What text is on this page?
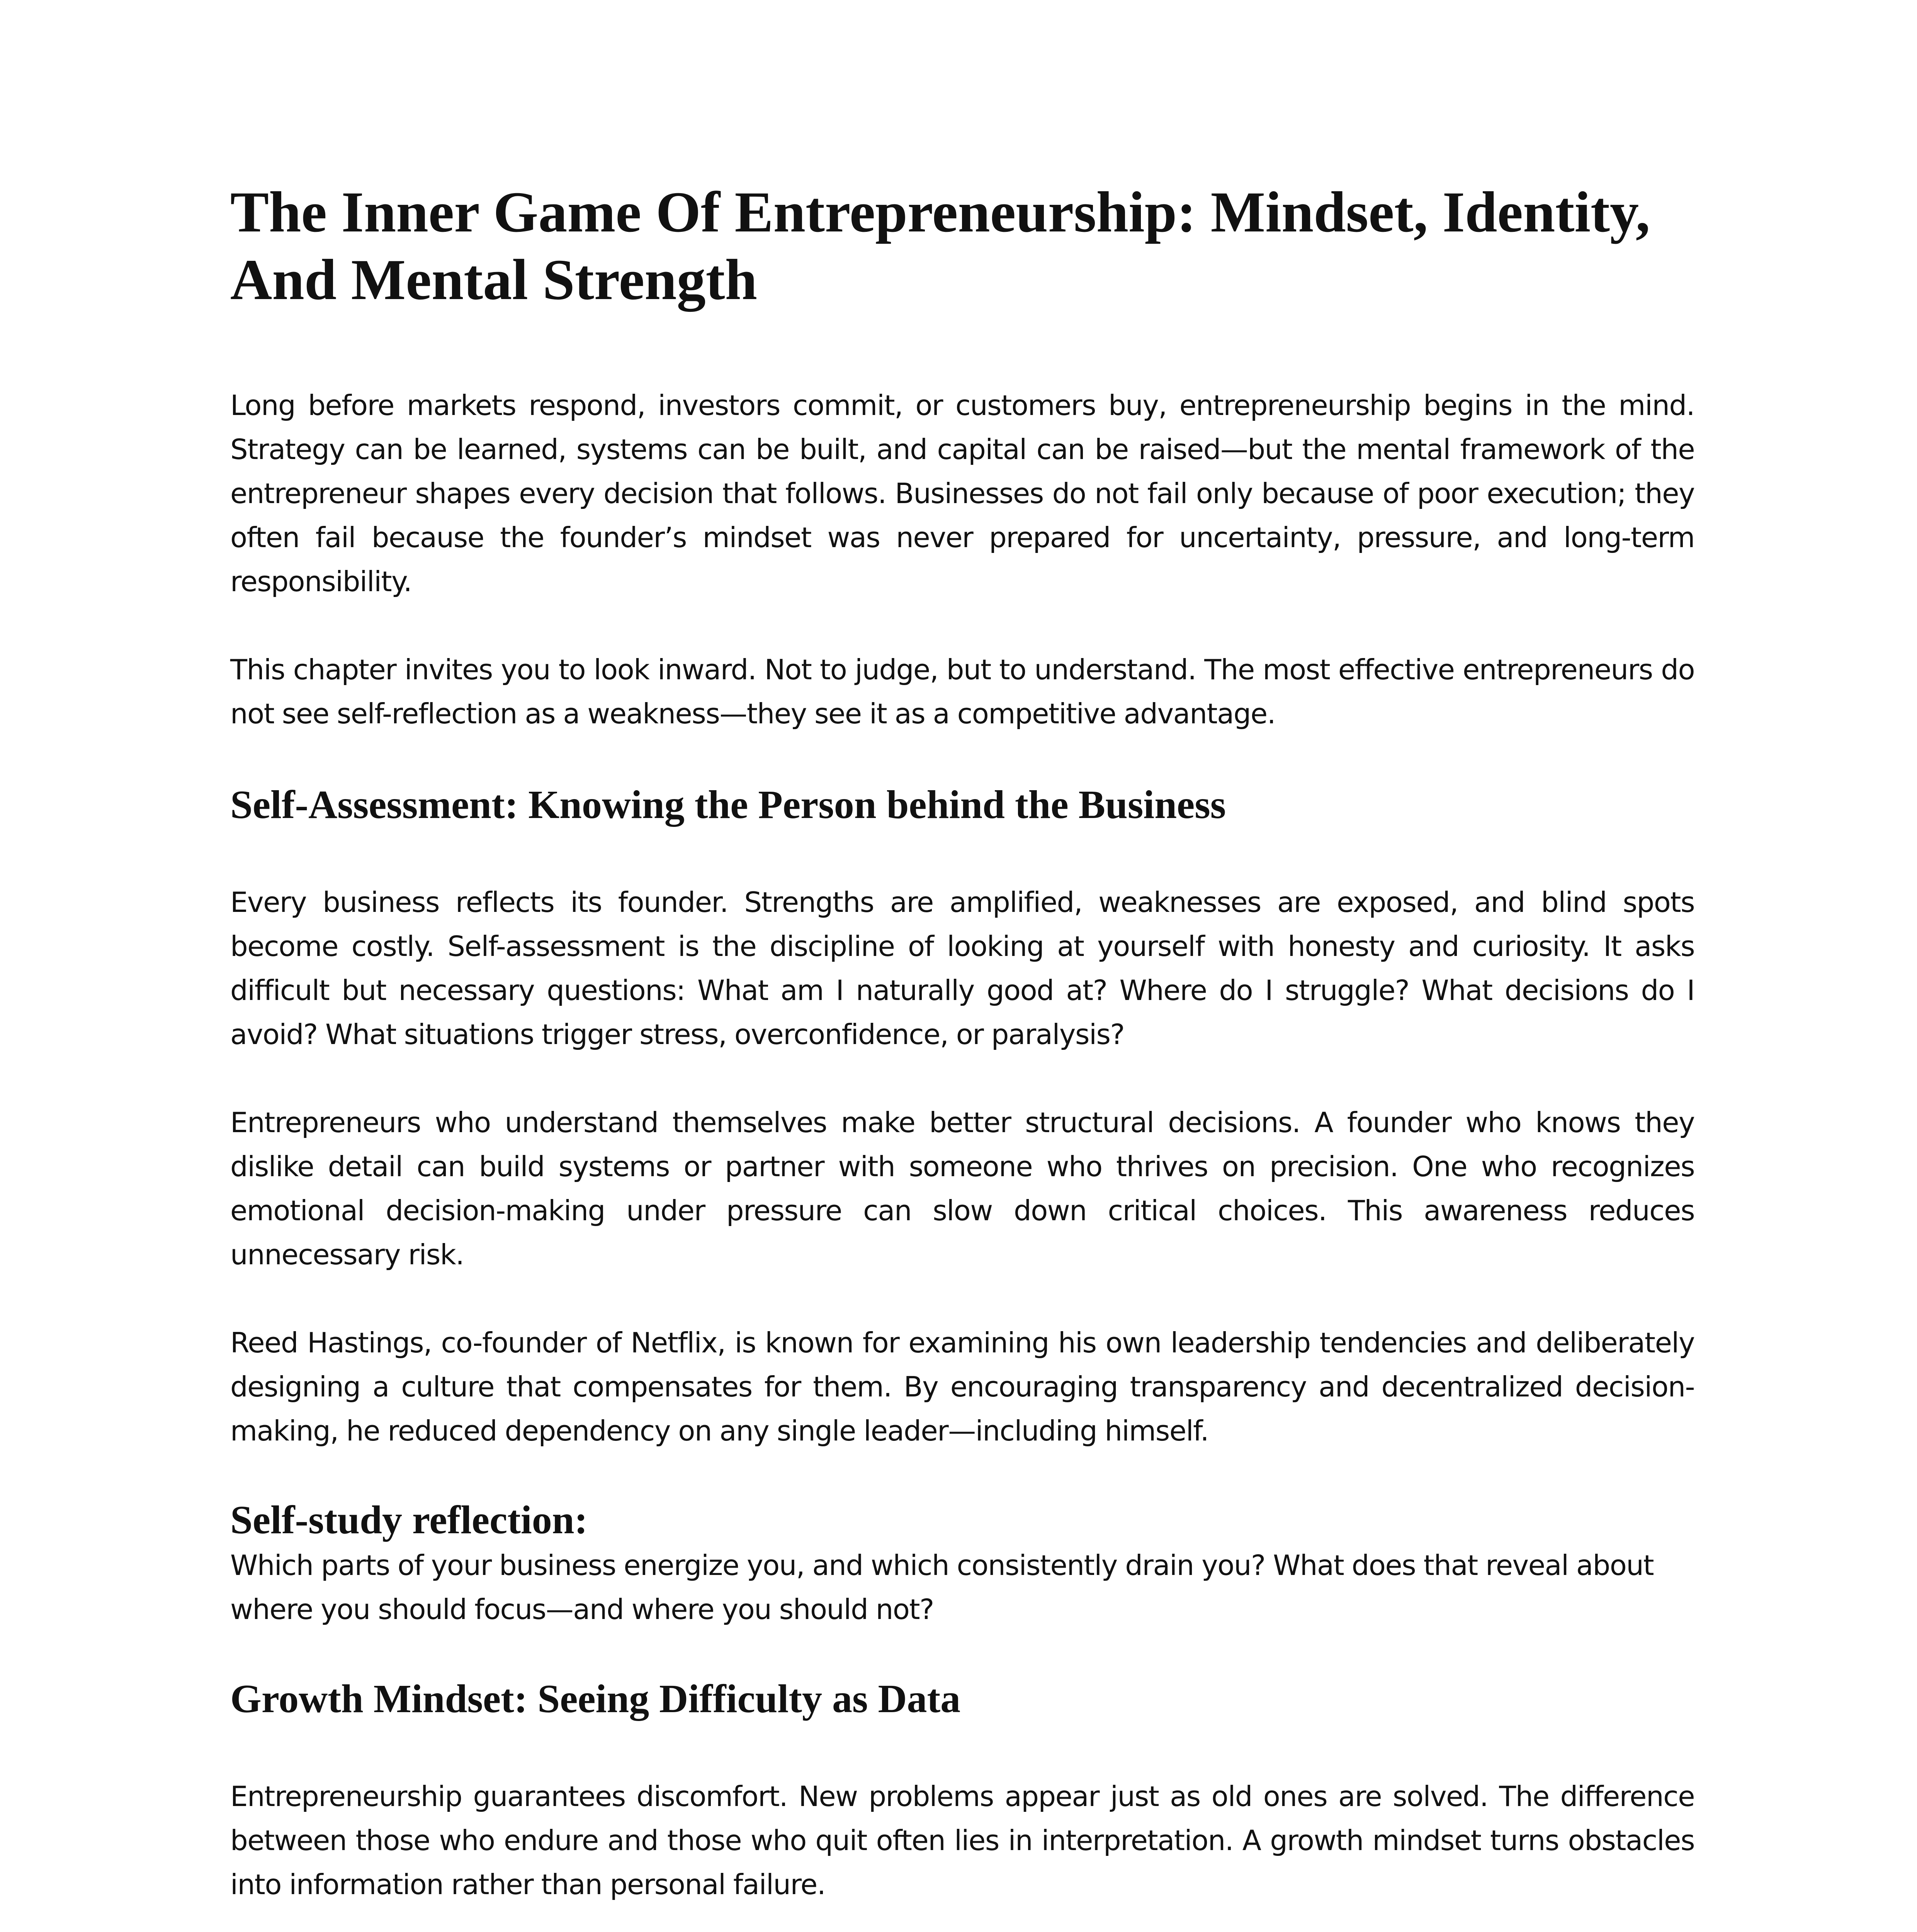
The Inner Game Of Entrepreneurship: Mindset, Identity, And Mental Strength

Long before markets respond, investors commit, or customers buy, entrepreneurship begins in the mind. Strategy can be learned, systems can be built, and capital can be raised—but the mental framework of the entrepreneur shapes every decision that follows. Businesses do not fail only because of poor execution; they often fail because the founder’s mindset was never prepared for uncertainty, pressure, and long-term responsibility.

This chapter invites you to look inward. Not to judge, but to understand. The most effective entrepreneurs do not see self-reflection as a weakness—they see it as a competitive advantage.

Self-Assessment: Knowing the Person behind the Business

Every business reflects its founder. Strengths are amplified, weaknesses are exposed, and blind spots become costly. Self-assessment is the discipline of looking at yourself with honesty and curiosity. It asks difficult but necessary questions: What am I naturally good at? Where do I struggle? What decisions do I avoid? What situations trigger stress, overconfidence, or paralysis?

Entrepreneurs who understand themselves make better structural decisions. A founder who knows they dislike detail can build systems or partner with someone who thrives on precision. One who recognizes emotional decision-making under pressure can slow down critical choices. This awareness reduces unnecessary risk.

Reed Hastings, co-founder of Netflix, is known for examining his own leadership tendencies and deliberately designing a culture that compensates for them. By encouraging transparency and decentralized decision-making, he reduced dependency on any single leader—including himself.

Self-study reflection:

Which parts of your business energize you, and which consistently drain you? What does that reveal about where you should focus—and where you should not?

Growth Mindset: Seeing Difficulty as Data

Entrepreneurship guarantees discomfort. New problems appear just as old ones are solved. The difference between those who endure and those who quit often lies in interpretation. A growth mindset turns obstacles into information rather than personal failure.
